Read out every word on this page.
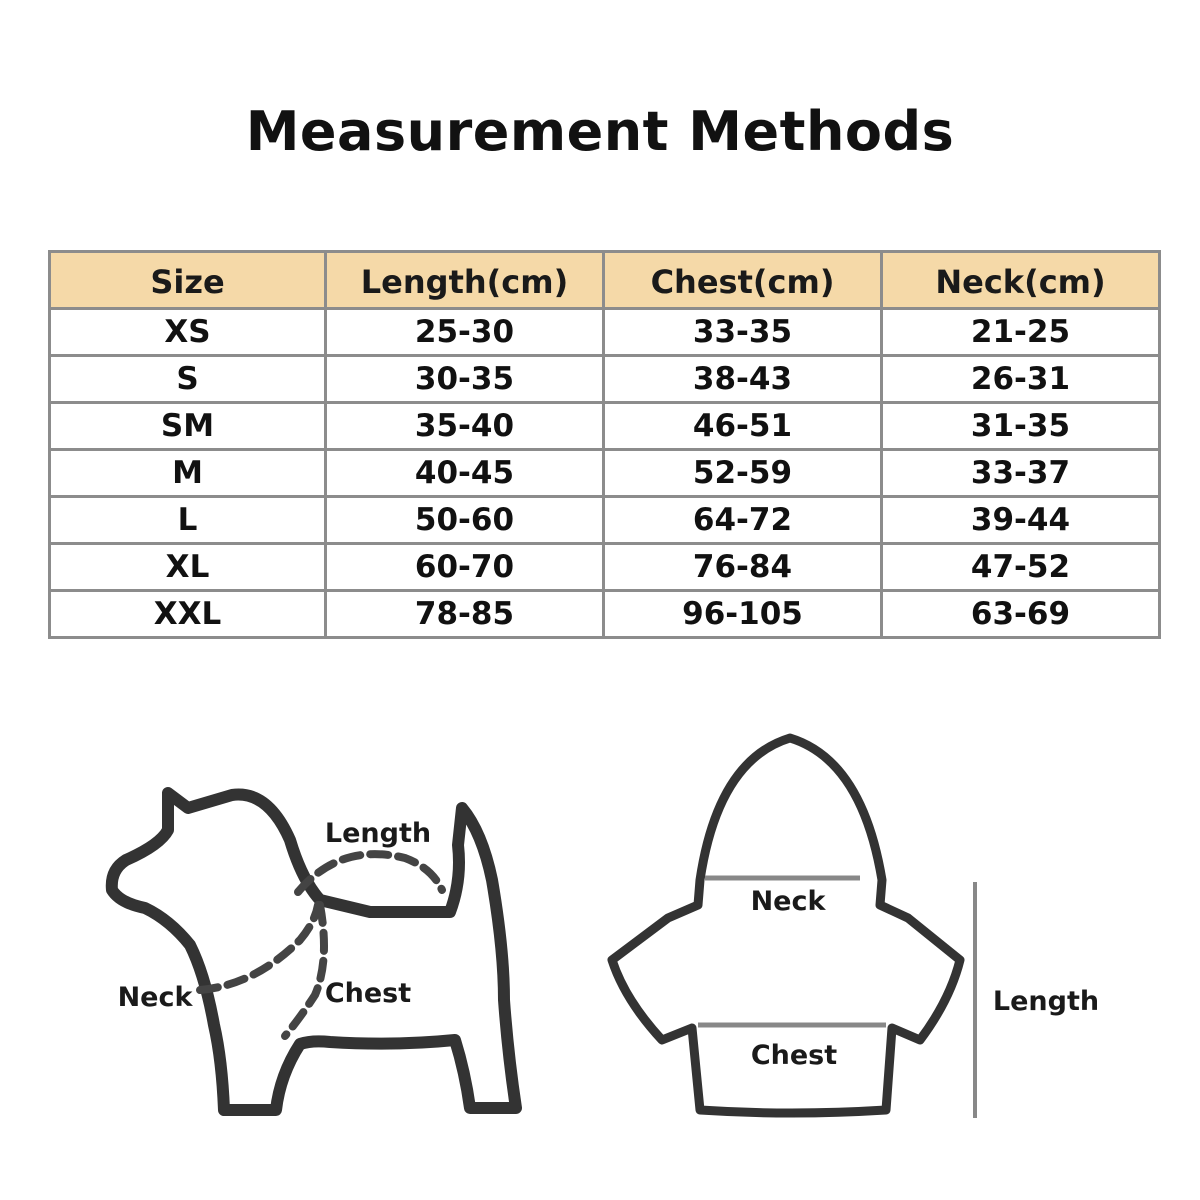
Measurement Methods
Size	Length(cm)	Chest(cm)	Neck(cm)
XS	25-30	33-35	21-25
S	30-35	38-43	26-31
SM	35-40	46-51	31-35
M	40-45	52-59	33-37
L	50-60	64-72	39-44
XL	60-70	76-84	47-52
XXL	78-85	96-105	63-69
Length
Neck	Chest
Neck
Chest
Length
